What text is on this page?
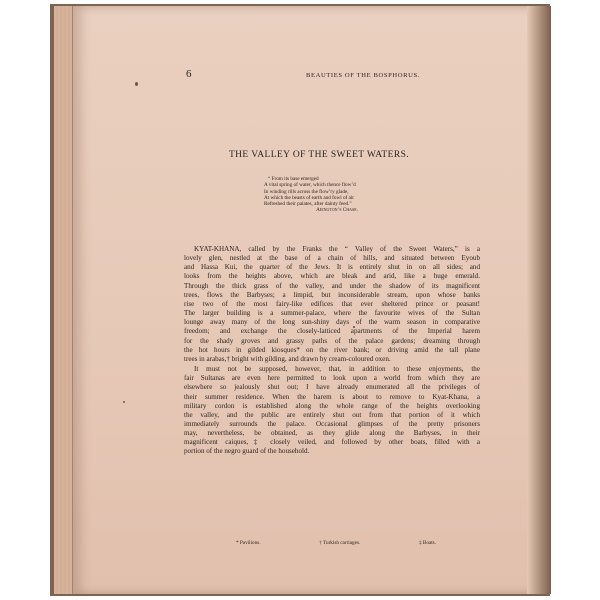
6	BEAUTIES OF THE BOSPHORUS.
THE VALLEY OF THE SWEET WATERS.
“ From its base emerged
A vital spring of water, which thence flow’d
In winding rills across the flow’ry glade,
At which the beasts of earth and fowl of air
Refreshed their palates, after dainty feed.”
Aeington’s Chase.

KYAT-KHANA, called by the Franks the “ Valley of the Sweet Waters,” is a
lovely glen, nestled at the base of a chain of hills, and situated between Eyoub
and Hassa Kui, the quarter of the Jews. It is entirely shut in on all sides; and
looks from the heights above, which are bleak and arid, like a huge emerald.
Through the thick grass of the valley, and under the shadow of its magnificent
trees, flows the Barbyses; a limpid, but inconsiderable stream, upon whose banks
rise two of the most fairy-like edifices that ever sheltered prince or peasant!
The larger building is a summer-palace, where the favourite wives of the Sultan
lounge away many of the long sun-shiny days of the warm season in comparative
freedom; and exchange the closely-latticed apartments of the Imperial harem
for the shady groves and grassy paths of the palace gardens; dreaming through
the hot hours in gilded kiosques* on the river bank; or driving amid the tall plane
trees in arabas,† bright with gilding, and drawn by cream-coloured oxen.

It must not be supposed, however, that, in addition to these enjoyments, the
fair Sultanas are even here permitted to look upon a world from which they are
elsewhere so jealously shut out; I have already enumerated all the privileges of
their summer residence. When the harem is about to remove to Kyat-Khana, a
military cordon is established along the whole range of the heights overlooking
the valley, and the public are entirely shut out from that portion of it which
immediately surrounds the palace. Occasional glimpses of the pretty prisoners
may, nevertheless, be obtained, as they glide along the Barbyses, in their
magnificent caiques,‡ closely veiled, and followed by other boats, filled with a
portion of the negro guard of the household.

* Pavilions.	† Turkish carriages.	‡ Boats.
